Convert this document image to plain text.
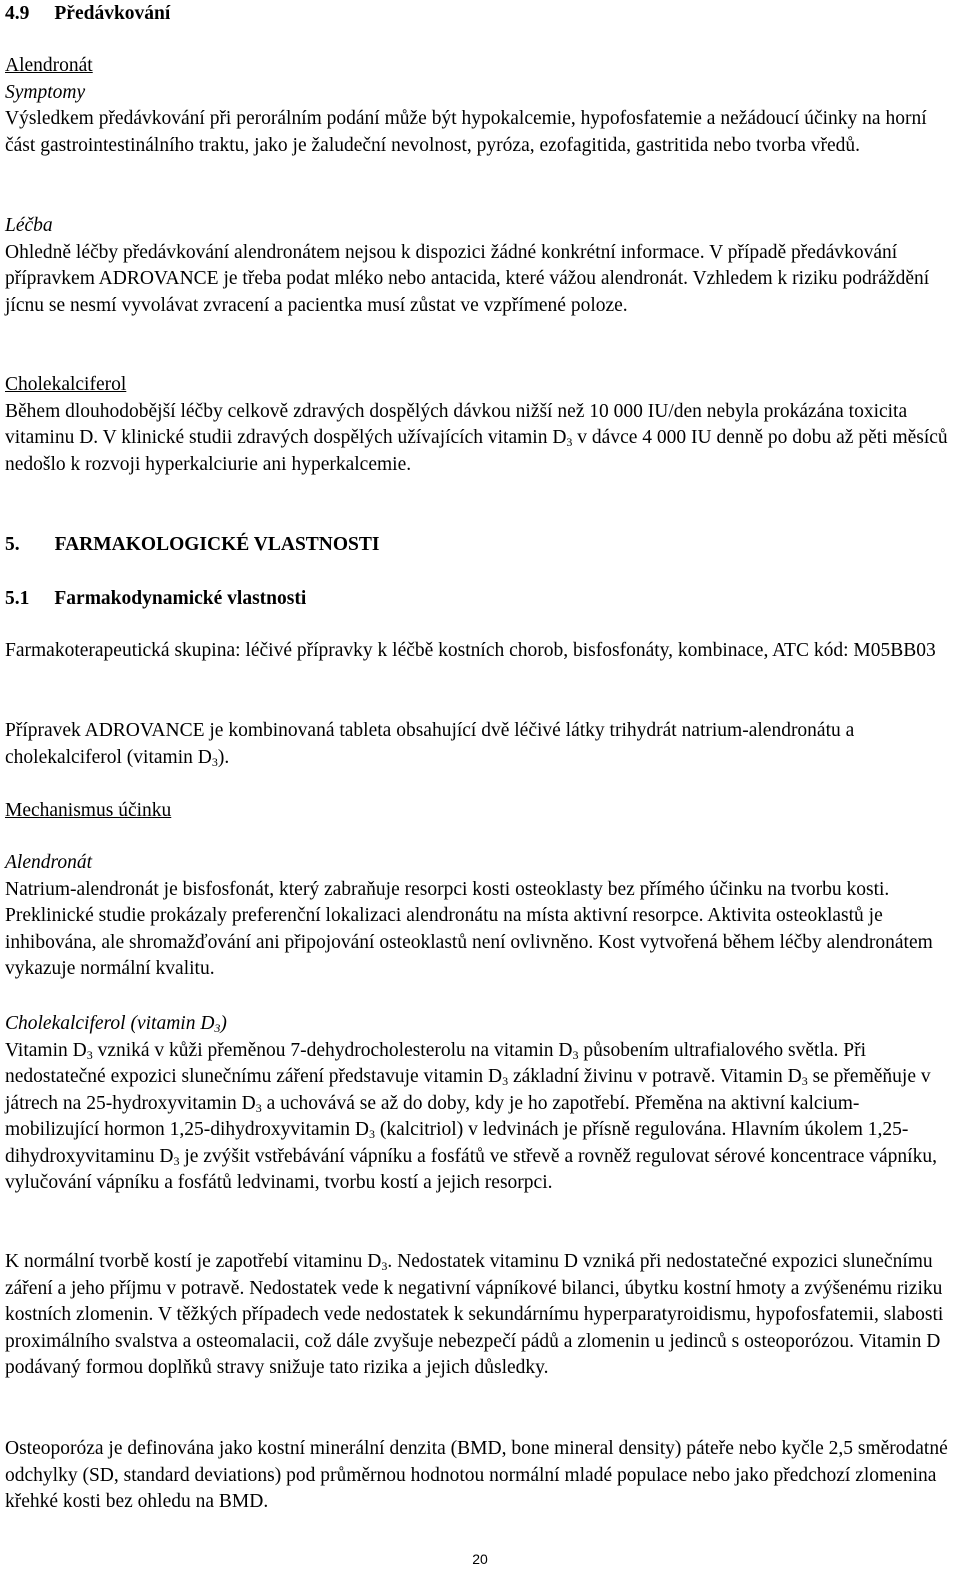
4.9 Předávkování

Alendronát

Symptomy

Výsledkem předávkování při perorálním podání může být hypokalcemie, hypofosfatemie a nežádoucí účinky na horní část gastrointestinálního traktu, jako je žaludeční nevolnost, pyróza, ezofagitida, gastritida nebo tvorba vředů.

Léčba

Ohledně léčby předávkování alendronátem nejsou k dispozici žádné konkrétní informace. V případě předávkování přípravkem ADROVANCE je třeba podat mléko nebo antacida, které vážou alendronát. Vzhledem k riziku podráždění jícnu se nesmí vyvolávat zvracení a pacientka musí zůstat ve vzpřímené poloze.

Cholekalciferol

Během dlouhodobější léčby celkově zdravých dospělých dávkou nižší než 10 000 IU/den nebyla prokázána toxicita vitaminu D. V klinické studii zdravých dospělých užívajících vitamin $D_3$ v dávce 4 000 IU denně po dobu až pěti měsíců nedošlo k rozvoji hyperkalciurie ani hyperkalcemie.

5. FARMAKOLOGICKÉ VLASTNOSTI
5.1 Farmakodynamické vlastnosti

Farmakoterapeutická skupina: léčivé přípravky k léčbě kostních chorob, bisfosfonáty, kombinace, ATC kód: M05BB03

Přípravek ADROVANCE je kombinovaná tableta obsahující dvě léčivé látky trihydrát natrium-alendronátu a cholekalciferol (vitamin $D_3$).

Mechanismus účinku

Alendronát

Natrium-alendronát je bisfosfonát, který zabraňuje resorpci kosti osteoklasty bez přímého účinku na tvorbu kosti. Preklinické studie prokázaly preferenční lokalizaci alendronátu na místa aktivní resorpce. Aktivita osteoklastů je inhibována, ale shromažďování ani připojování osteoklastů není ovlivněno. Kost vytvořená během léčby alendronátem vykazuje normální kvalitu.

Cholekalciferol (vitamin $D_3$)

Vitamin $D_3$ vzniká v kůži přeměnou 7-dehydrocholesterolu na vitamin $D_3$ působením ultrafialového světla. Při nedostatečné expozici slunečnímu záření představuje vitamin $D_3$ základní živinu v potravě. Vitamin $D_3$ se přeměňuje v játrech na 25-hydroxyvitamin $D_3$ a uchovává se až do doby, kdy je ho zapotřebí. Přeměna na aktivní kalcium-mobilizující hormon 1,25-dihydroxyvitamin $D_3$ (kalcitriol) v ledvinách je přísně regulována. Hlavním úkolem 1,25-dihydroxyvitaminu $D_3$ je zvýšit vstřebávání vápníku a fosfátů ve střevě a rovněž regulovat sérové koncentrace vápníku, vylučování vápníku a fosfátů ledvinami, tvorbu kostí a jejich resorpci.

K normální tvorbě kostí je zapotřebí vitaminu $D_3$. Nedostatek vitaminu D vzniká při nedostatečné expozici slunečnímu záření a jeho příjmu v potravě. Nedostatek vede k negativní vápníkové bilanci, úbytku kostní hmoty a zvýšenému riziku kostních zlomenin. V těžkých případech vede nedostatek k sekundárnímu hyperparatyroidismu, hypofosfatemii, slabosti proximálního svalstva a osteomalacii, což dále zvyšuje nebezpečí pádů a zlomenin u jedinců s osteoporózou. Vitamin D podávaný formou doplňků stravy snižuje tato rizika a jejich důsledky.

Osteoporóza je definována jako kostní minerální denzita (BMD, bone mineral density) páteře nebo kyčle 2,5 směrodatné odchylky (SD, standard deviations) pod průměrnou hodnotou normální mladé populace nebo jako předchozí zlomenina křehké kosti bez ohledu na BMD.

20
